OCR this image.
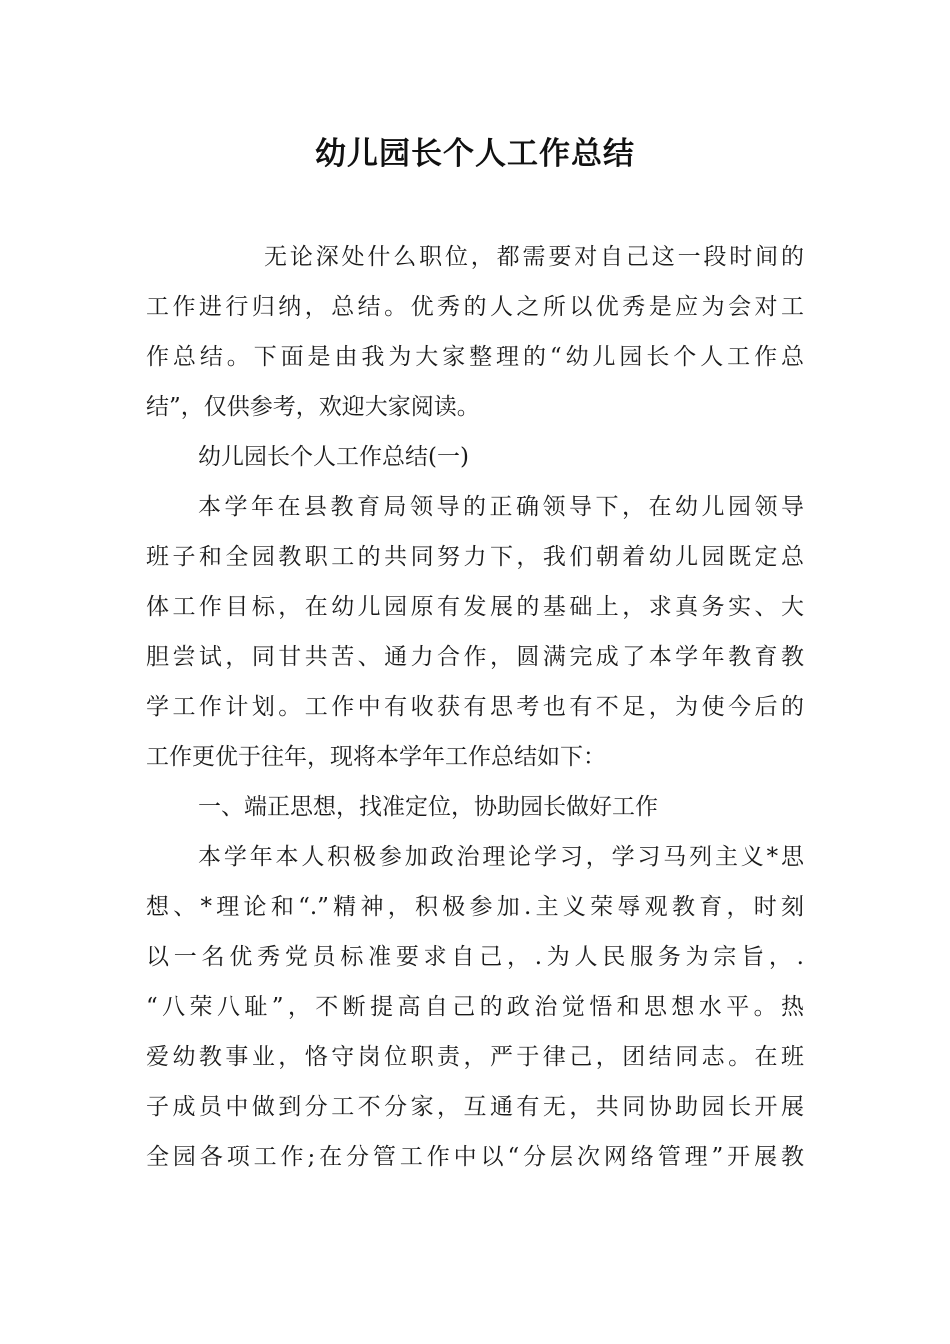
幼儿园长个人工作总结
无论深处什么职位，都需要对自己这一段时间的
工作进行归纳，总结。优秀的人之所以优秀是应为会对工
作总结。下面是由我为大家整理的“幼儿园长个人工作总
结”，仅供参考，欢迎大家阅读。
幼儿园长个人工作总结(一)
本学年在县教育局领导的正确领导下，在幼儿园领导
班子和全园教职工的共同努力下，我们朝着幼儿园既定总
体工作目标，在幼儿园原有发展的基础上，求真务实、大
胆尝试，同甘共苦、通力合作，圆满完成了本学年教育教
学工作计划。工作中有收获有思考也有不足，为使今后的
工作更优于往年，现将本学年工作总结如下：
一、端正思想，找准定位，协助园长做好工作
本学年本人积极参加政治理论学习，学习马列主义*思
想、*理论和“.”精神，积极参加.主义荣辱观教育，时刻
以一名优秀党员标准要求自己，.为人民服务为宗旨，.
“八荣八耻”，不断提高自己的政治觉悟和思想水平。热
爱幼教事业，恪守岗位职责，严于律己，团结同志。在班
子成员中做到分工不分家，互通有无，共同协助园长开展
全园各项工作;在分管工作中以“分层次网络管理”开展教
